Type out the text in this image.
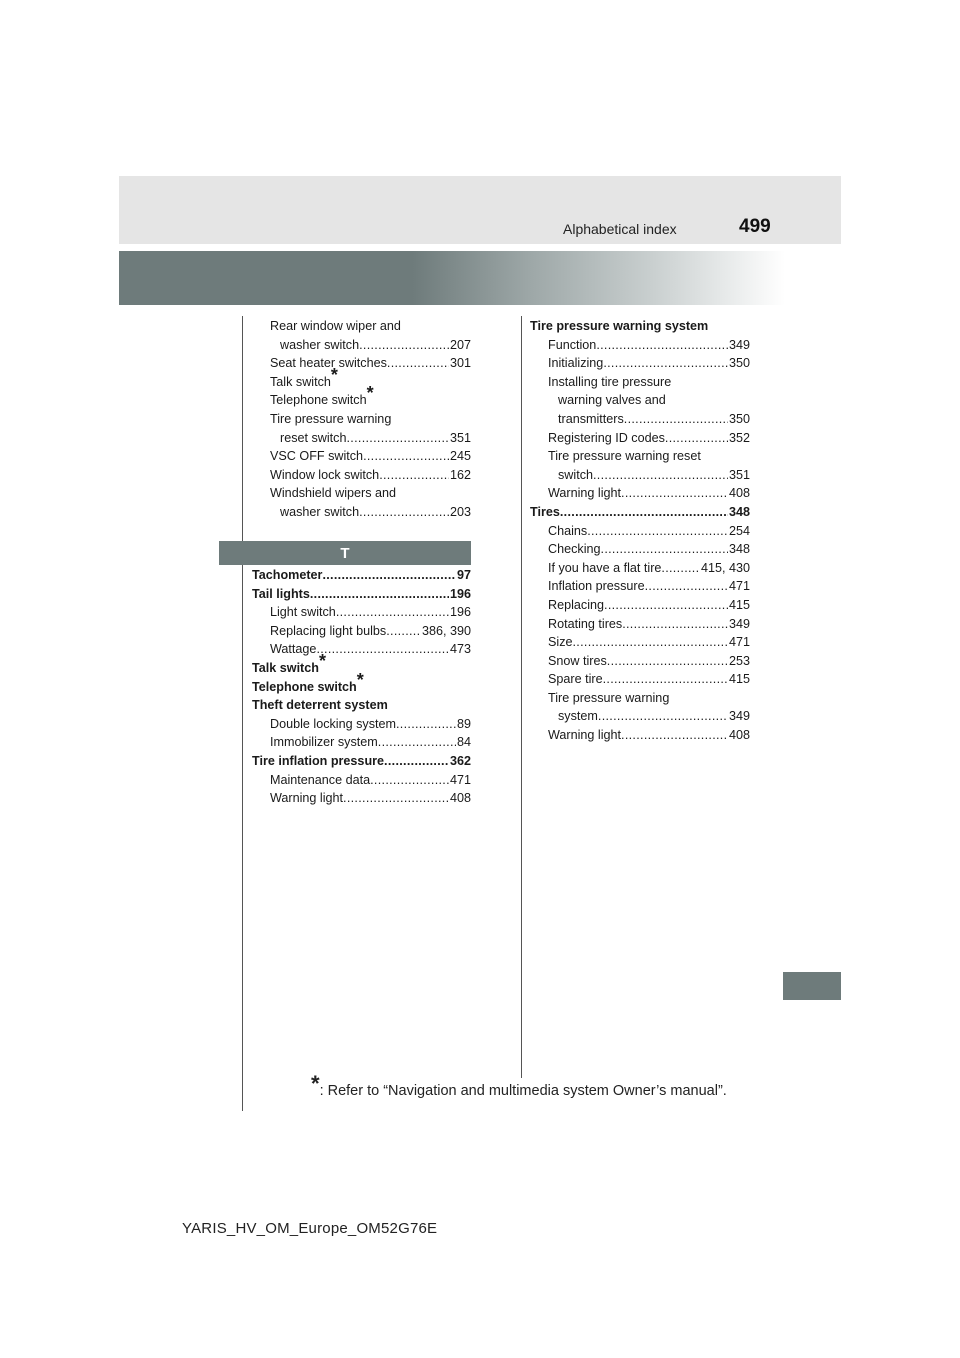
Alphabetical index	499
Rear window wiper and
washer switch .....	207
Seat heater switches .....	301
Talk switch*
Telephone switch*
Tire pressure warning
reset switch .....	351
VSC OFF switch .....	245
Window lock switch .....	162
Windshield wipers and
washer switch .....	203
T
Tachometer .....	97
Tail lights .....	196
Light switch .....	196
Replacing light bulbs .....	386, 390
Wattage .....	473
Talk switch*
Telephone switch*
Theft deterrent system
Double locking system .....	89
Immobilizer system .....	84
Tire inflation pressure .....	362
Maintenance data .....	471
Warning light .....	408
Tire pressure warning system
Function .....	349
Initializing .....	350
Installing tire pressure
warning valves and
transmitters .....	350
Registering ID codes .....	352
Tire pressure warning reset
switch .....	351
Warning light .....	408
Tires .....	348
Chains .....	254
Checking .....	348
If you have a flat tire .....	415, 430
Inflation pressure .....	471
Replacing .....	415
Rotating tires .....	349
Size .....	471
Snow tires .....	253
Spare tire .....	415
Tire pressure warning
system .....	349
Warning light .....	408
*: Refer to “Navigation and multimedia system Owner’s manual”.
YARIS_HV_OM_Europe_OM52G76E
